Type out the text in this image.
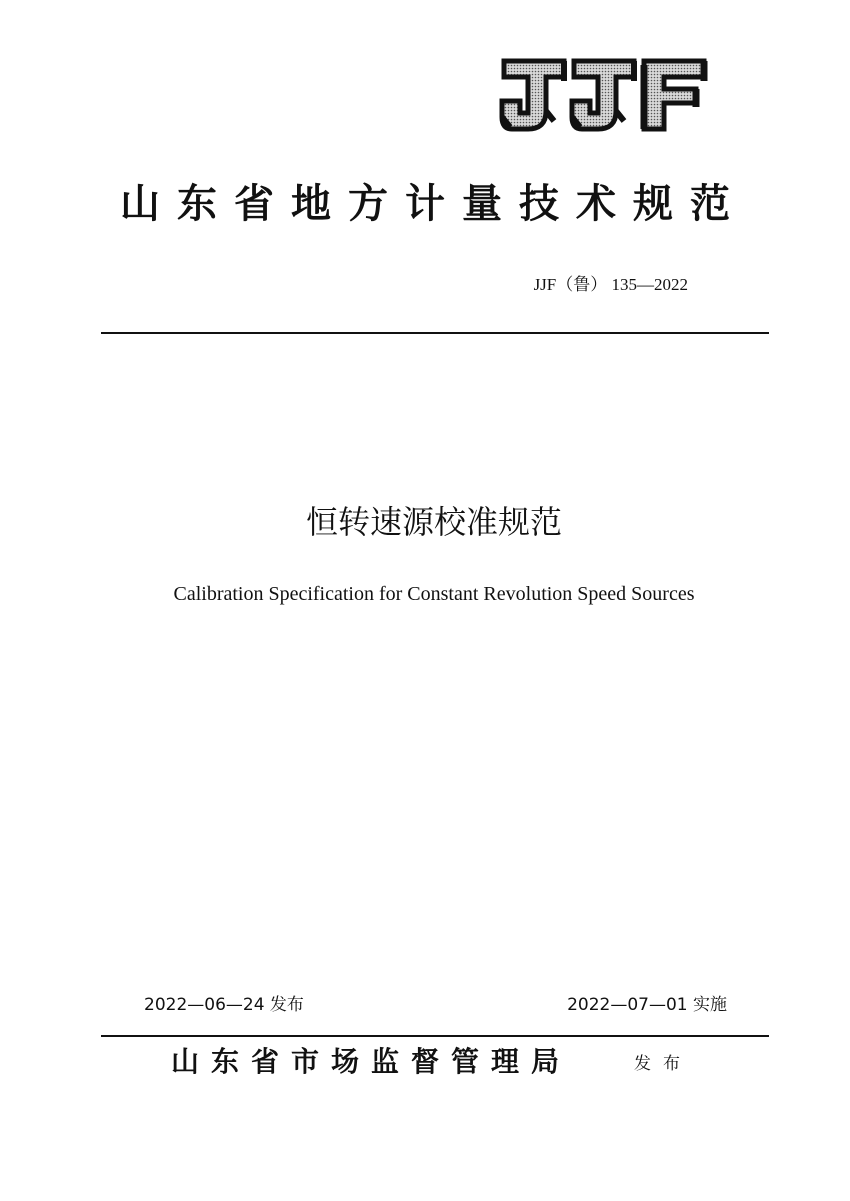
山东省地方计量技术规范
JJF（鲁） 135—2022
恒转速源校准规范
Calibration Specification for Constant Revolution Speed Sources
2022—06—24 发布	2022—07—01 实施
山东省市场监督管理局	发布
